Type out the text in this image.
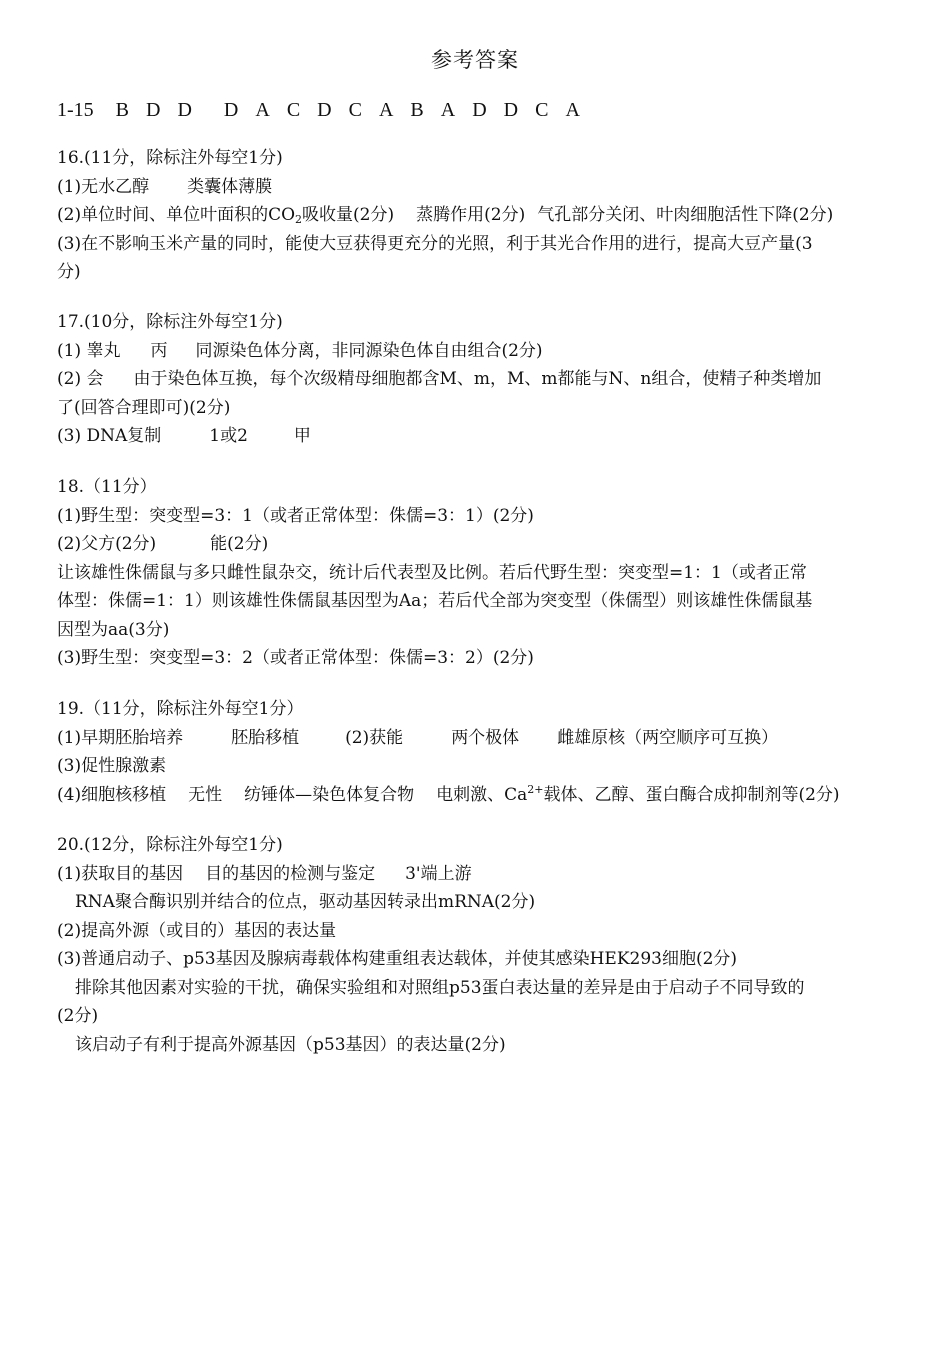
参考答案
1-15 B D D D A C D C A B A D D C A
16.(11分，除标注外每空1分)
(1)无水乙醇 类囊体薄膜
(2)单位时间、单位叶面积的$CO_2$吸收量(2分) 蒸腾作用(2分) 气孔部分关闭、叶肉细胞活性下降(2分)
(3)在不影响玉米产量的同时，能使大豆获得更充分的光照，利于其光合作用的进行，提高大豆产量(3
分)
17.(10分，除标注外每空1分)
(1) 睾丸 丙 同源染色体分离，非同源染色体自由组合(2分)
(2) 会 由于染色体互换，每个次级精母细胞都含M、m，M、m都能与N、n组合，使精子种类增加
了(回答合理即可)(2分)
(3) DNA复制	1或2	甲
18.（11分）
(1)野生型：突变型=3：1（或者正常体型：侏儒=3：1）(2分)
(2)父方(2分)	能(2分)
让该雄性侏儒鼠与多只雌性鼠杂交，统计后代表型及比例。若后代野生型：突变型=1：1（或者正常
体型：侏儒=1：1）则该雄性侏儒鼠基因型为Aa；若后代全部为突变型（侏儒型）则该雄性侏儒鼠基
因型为aa(3分)
(3)野生型：突变型=3：2（或者正常体型：侏儒=3：2）(2分)
19.（11分，除标注外每空1分）
(1)早期胚胎培养	胚胎移植	(2)获能	两个极体 雌雄原核（两空顺序可互换）
(3)促性腺激素
(4)细胞核移植 无性 纺锤体—染色体复合物 电刺激、$Ca^{2+}$载体、乙醇、蛋白酶合成抑制剂等(2分)
20.(12分，除标注外每空1分)
(1)获取目的基因 目的基因的检测与鉴定 3'端上游
RNA聚合酶识别并结合的位点，驱动基因转录出mRNA(2分)
(2)提高外源（或目的）基因的表达量
(3)普通启动子、p53基因及腺病毒载体构建重组表达载体，并使其感染HEK293细胞(2分)
排除其他因素对实验的干扰，确保实验组和对照组p53蛋白表达量的差异是由于启动子不同导致的
(2分)
该启动子有利于提高外源基因（p53基因）的表达量(2分)
